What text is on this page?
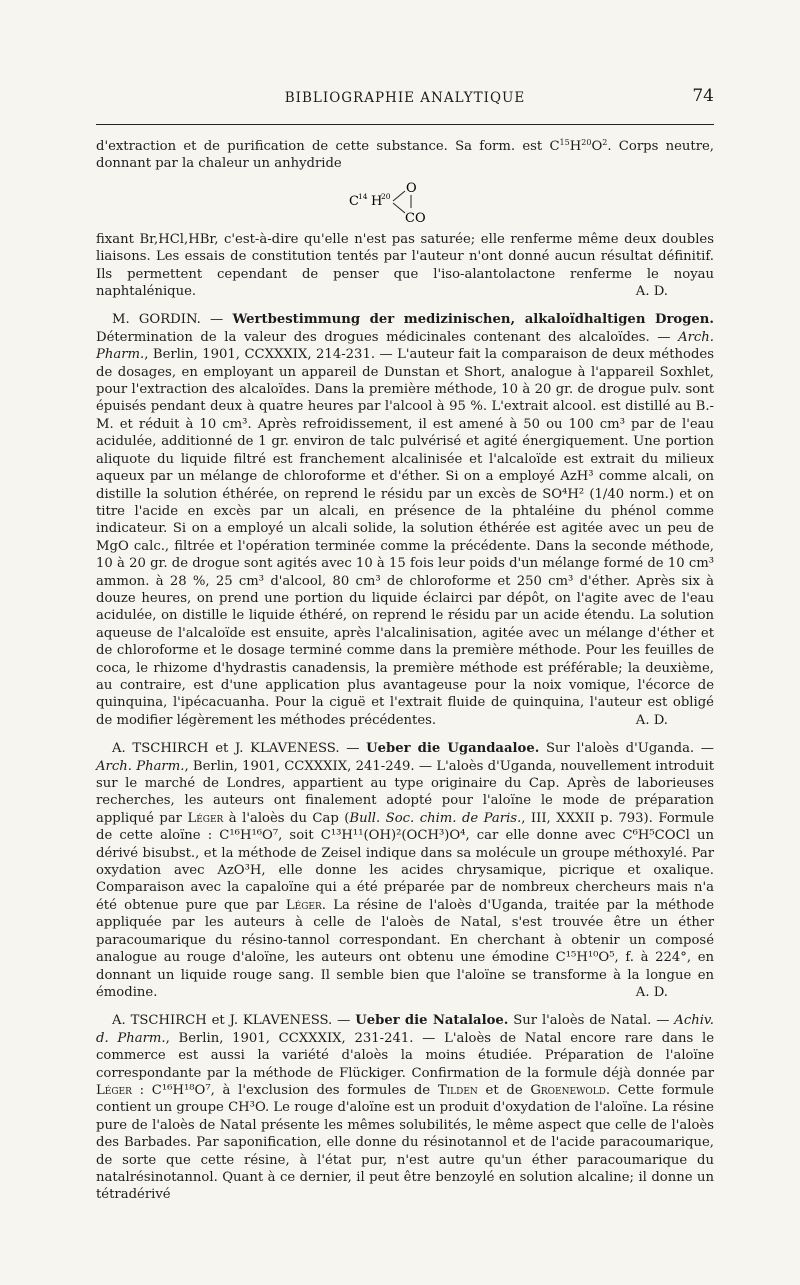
BIBLIOGRAPHIE ANALYTIQUE	74

d'extraction et de purification de cette substance. Sa form. est $C^{15}H^{20}O^2$. Corps neutre, donnant par la chaleur un anhydride

C 14 H
20
O
CO

fixant Br,HCl,HBr, c'est-à-dire qu'elle n'est pas saturée; elle renferme même deux doubles liaisons. Les essais de constitution tentés par l'auteur n'ont donné aucun résultat définitif. Ils permettent cependant de penser que l'iso-alantolactone renferme le noyau naphtalénique.	A. D.

M. GORDIN. — Wertbestimmung der medizinischen, alkaloïdhaltigen Drogen. Détermination de la valeur des drogues médicinales contenant des alcaloïdes. — Arch. Pharm., Berlin, 1901, CCXXXIX, 214-231. — L'auteur fait la comparaison de deux méthodes de dosages, en employant un appareil de Dunstan et Short, analogue à l'appareil Soxhlet, pour l'extraction des alcaloïdes. Dans la première méthode, 10 à 20 gr. de drogue pulv. sont épuisés pendant deux à quatre heures par l'alcool à 95 %. L'extrait alcool. est distillé au B.-M. et réduit à 10 cm³. Après refroidissement, il est amené à 50 ou 100 cm³ par de l'eau acidulée, additionné de 1 gr. environ de talc pulvérisé et agité énergiquement. Une portion aliquote du liquide filtré est franchement alcalinisée et l'alcaloïde est extrait du milieux aqueux par un mélange de chloroforme et d'éther. Si on a employé AzH³ comme alcali, on distille la solution éthérée, on reprend le résidu par un excès de SO⁴H² (1/40 norm.) et on titre l'acide en excès par un alcali, en présence de la phtaléine du phénol comme indicateur. Si on a employé un alcali solide, la solution éthérée est agitée avec un peu de MgO calc., filtrée et l'opération terminée comme la précédente. Dans la seconde méthode, 10 à 20 gr. de drogue sont agités avec 10 à 15 fois leur poids d'un mélange formé de 10 cm³ ammon. à 28 %, 25 cm³ d'alcool, 80 cm³ de chloroforme et 250 cm³ d'éther. Après six à douze heures, on prend une portion du liquide éclairci par dépôt, on l'agite avec de l'eau acidulée, on distille le liquide éthéré, on reprend le résidu par un acide étendu. La solution aqueuse de l'alcaloïde est ensuite, après l'alcalinisation, agitée avec un mélange d'éther et de chloroforme et le dosage terminé comme dans la première méthode. Pour les feuilles de coca, le rhizome d'hydrastis canadensis, la première méthode est préférable; la deuxième, au contraire, est d'une application plus avantageuse pour la noix vomique, l'écorce de quinquina, l'ipécacuanha. Pour la ciguë et l'extrait fluide de quinquina, l'auteur est obligé de modifier légèrement les méthodes précédentes.	A. D.

A. TSCHIRCH et J. KLAVENESS. — Ueber die Ugandaaloe. Sur l'aloès d'Uganda. —Arch. Pharm., Berlin, 1901, CCXXXIX, 241-249. — L'aloès d'Uganda, nouvellement introduit sur le marché de Londres, appartient au type originaire du Cap. Après de laborieuses recherches, les auteurs ont finalement adopté pour l'aloïne le mode de préparation appliqué par Léger à l'aloès du Cap (Bull. Soc. chim. de Paris., III, XXXII p. 793). Formule de cette aloïne : C¹⁶H¹⁶O⁷, soit C¹³H¹¹(OH)²(OCH³)O⁴, car elle donne avec C⁶H⁵COCl un dérivé bisubst., et la méthode de Zeisel indique dans sa molécule un groupe méthoxylé. Par oxydation avec AzO³H, elle donne les acides chrysamique, picrique et oxalique. Comparaison avec la capaloïne qui a été préparée par de nombreux chercheurs mais n'a été obtenue pure que par Léger. La résine de l'aloès d'Uganda, traitée par la méthode appliquée par les auteurs à celle de l'aloès de Natal, s'est trouvée être un éther paracoumarique du résino-tannol correspondant. En cherchant à obtenir un composé analogue au rouge d'aloïne, les auteurs ont obtenu une émodine C¹⁵H¹⁰O⁵, f. à 224°, en donnant un liquide rouge sang. Il semble bien que l'aloïne se transforme à la longue en émodine.	A. D.

A. TSCHIRCH et J. KLAVENESS. — Ueber die Natalaloe. Sur l'aloès de Natal. — Achiv. d. Pharm., Berlin, 1901, CCXXXIX, 231-241. — L'aloès de Natal encore rare dans le commerce est aussi la variété d'aloès la moins étudiée. Préparation de l'aloïne correspondante par la méthode de Flückiger. Confirmation de la formule déjà donnée par Léger : C¹⁶H¹⁸O⁷, à l'exclusion des formules de Tilden et de Groenewold. Cette formule contient un groupe CH³O. Le rouge d'aloïne est un produit d'oxydation de l'aloïne. La résine pure de l'aloès de Natal présente les mêmes solubilités, le même aspect que celle de l'aloès des Barbades. Par saponification, elle donne du résinotannol et de l'acide paracoumarique, de sorte que cette résine, à l'état pur, n'est autre qu'un éther paracoumarique du natalrésinotannol. Quant à ce dernier, il peut être benzoylé en solution alcaline; il donne un tétradérivé
